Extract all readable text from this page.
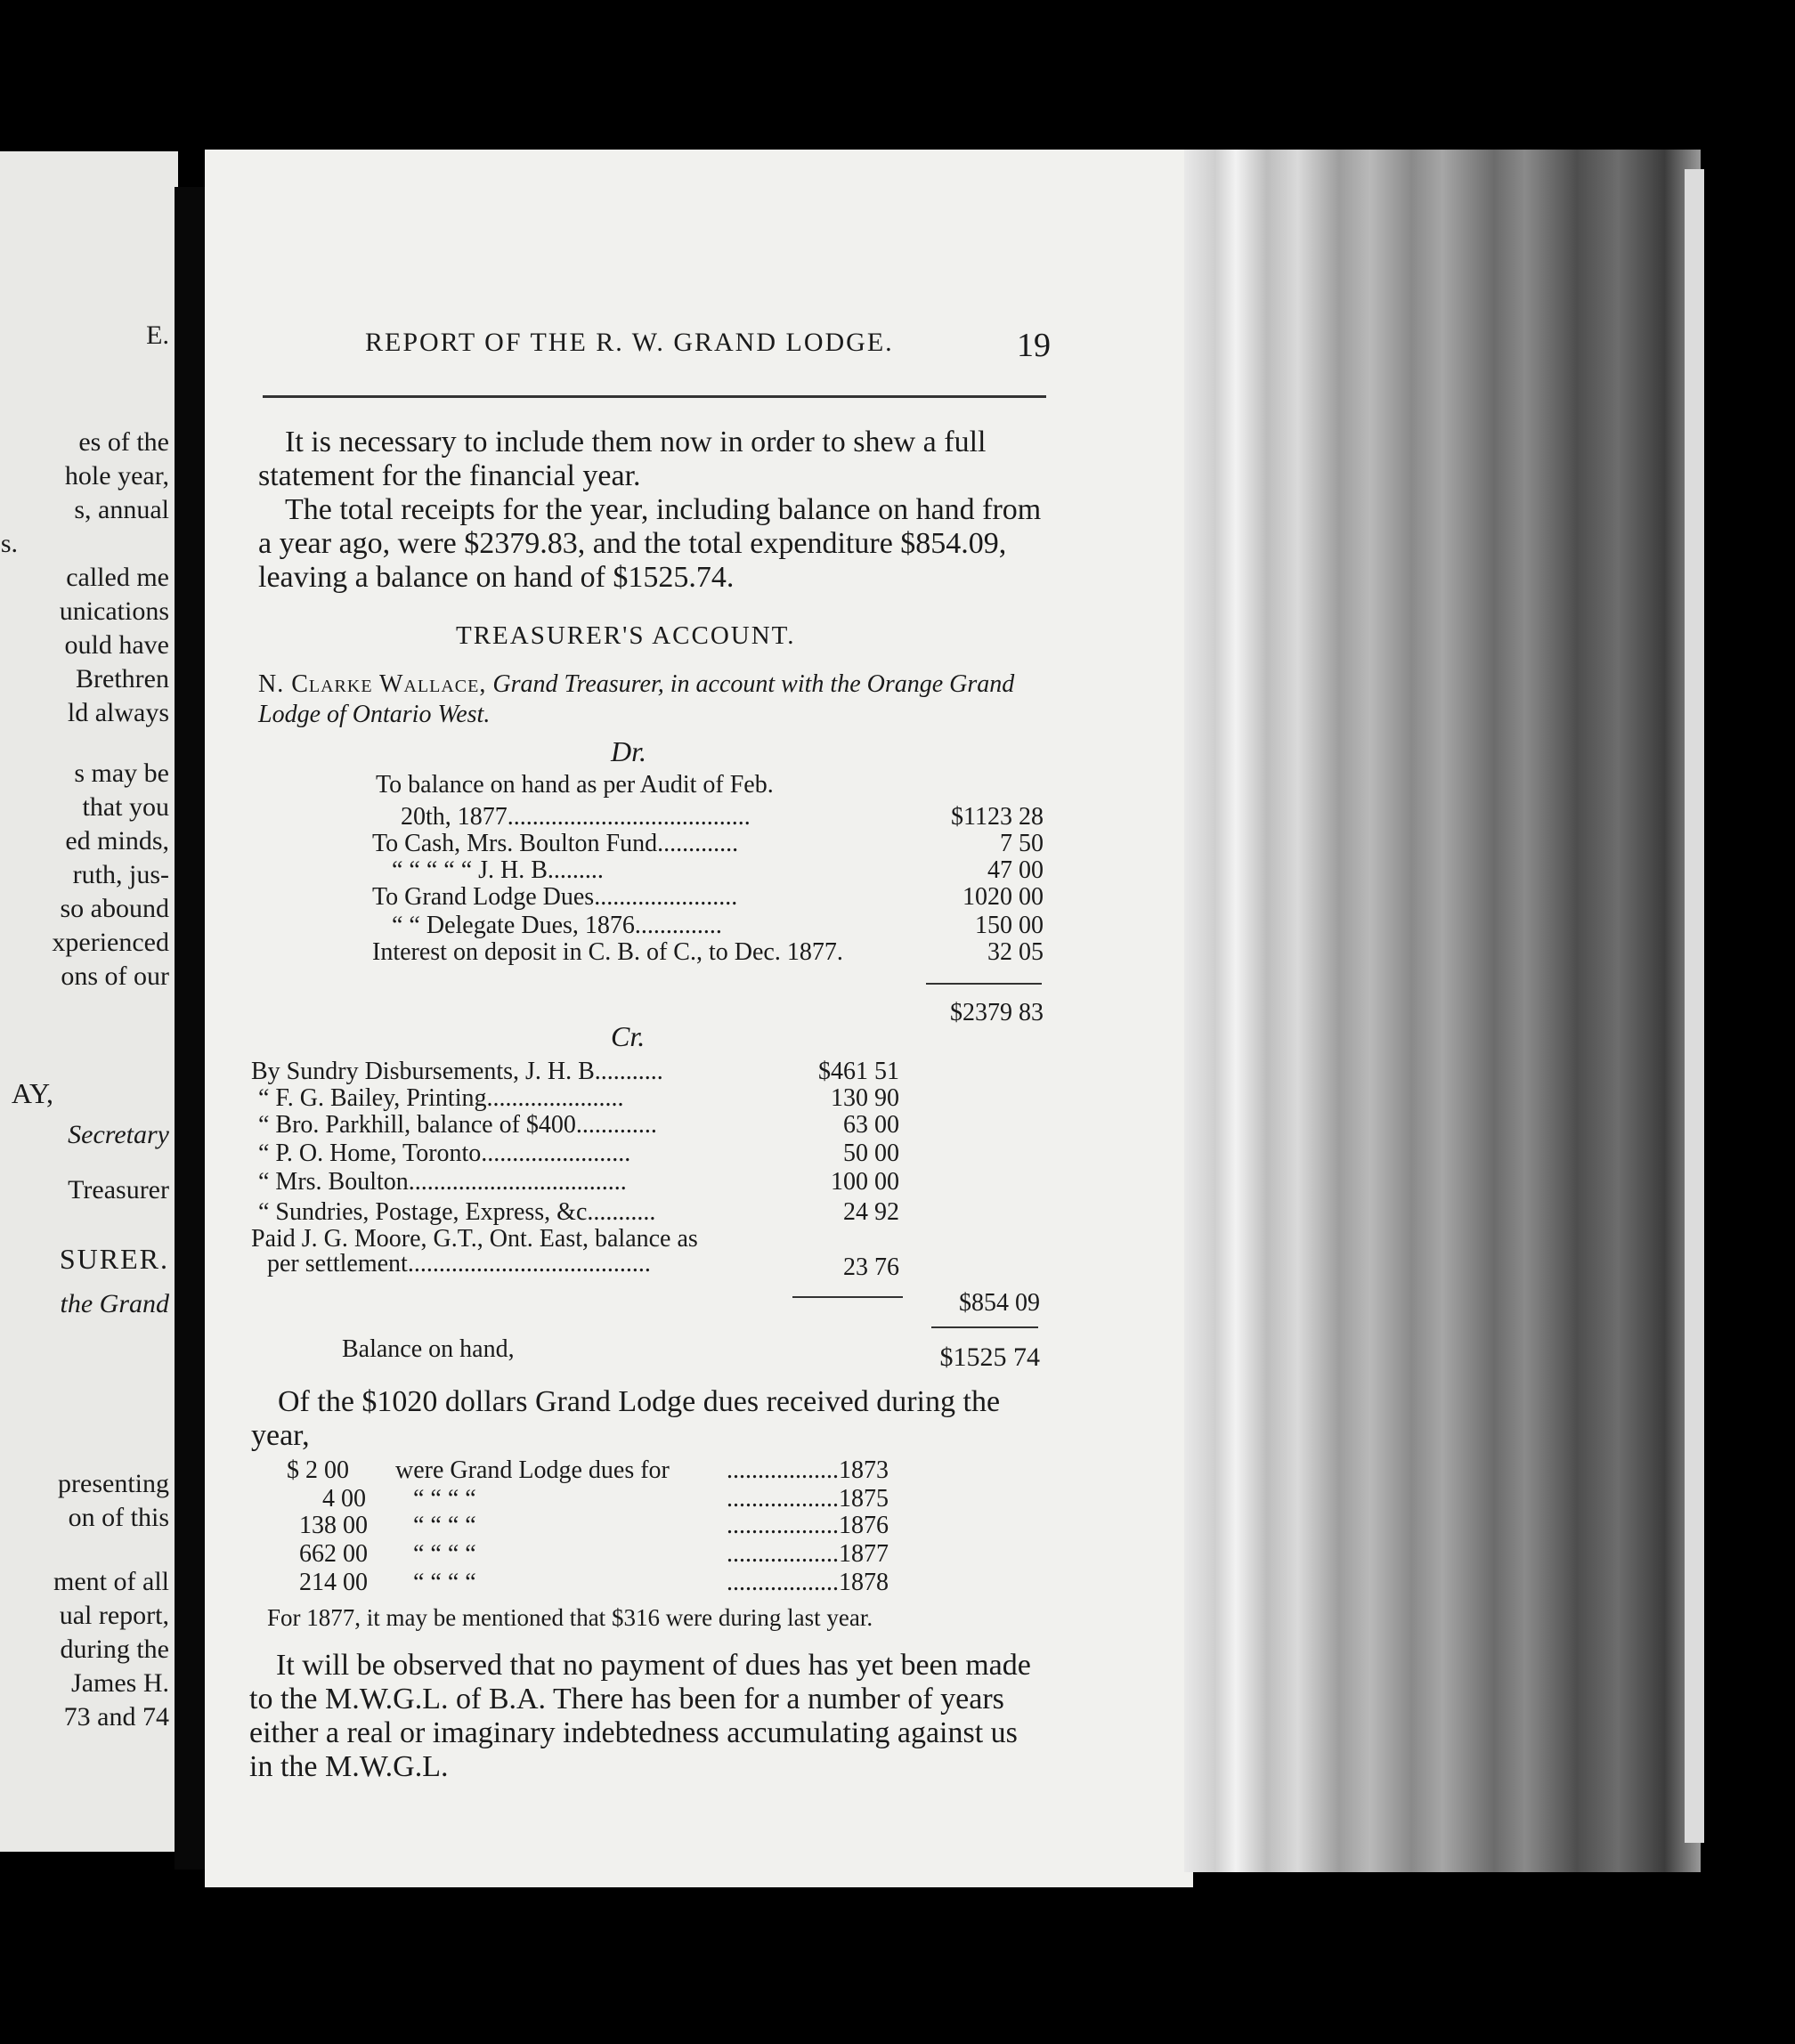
E.
es of the
hole year,
s, annual
s.
called me
unications
ould have
Brethren
ld always
s may be
that you
ed minds,
ruth, jus-
so abound
xperienced
ons of our
AY,
Secretary
Treasurer
SURER.
the Grand
presenting
on of this
ment of all
ual report,
during the
James H.
73 and 74
REPORT OF THE R. W. GRAND LODGE.	19
It is necessary to include them now in order to shew a full statement for the financial year.
The total receipts for the year, including balance on hand from a year ago, were $2379.83, and the total expenditure $854.09, leaving a balance on hand of $1525.74.
TREASURER'S ACCOUNT.
N. Clarke Wallace, Grand Treasurer, in account with the Orange Grand Lodge of Ontario West.
Dr.
To balance on hand as per Audit of Feb.
20th, 1877.......................................	$1123 28
To Cash, Mrs. Boulton Fund.............	7 50
“ “ “ “ “ J. H. B.........	47 00
To Grand Lodge Dues.......................	1020 00
“ “ Delegate Dues, 1876..............	150 00
Interest on deposit in C. B. of C., to Dec. 1877.	32 05
$2379 83
Cr.
By Sundry Disbursements, J. H. B...........	$461 51
“ F. G. Bailey, Printing......................	130 90
“ Bro. Parkhill, balance of $400.............	63 00
“ P. O. Home, Toronto........................	50 00
“ Mrs. Boulton...................................	100 00
“ Sundries, Postage, Express, &c...........	24 92
Paid J. G. Moore, G.T., Ont. East, balance as
per settlement.......................................	23 76
$854 09
Balance on hand,	$1525 74
Of the $1020 dollars Grand Lodge dues received during the year,
$ 2 00 were Grand Lodge dues for ..................1873
4 00 “ “ “ “	..................1875
138 00 “ “ “ “	..................1876
662 00 “ “ “ “	..................1877
214 00 “ “ “ “	..................1878
For 1877, it may be mentioned that $316 were during last year.
It will be observed that no payment of dues has yet been made to the M.W.G.L. of B.A. There has been for a number of years either a real or imaginary indebtedness accumulating against us in the M.W.G.L.
